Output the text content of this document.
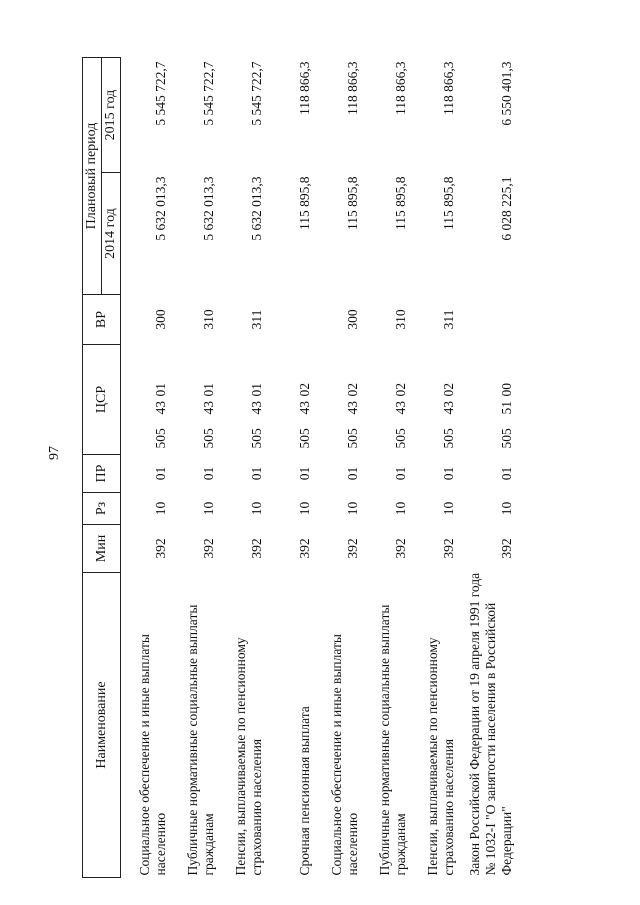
97
Наименование	Мин	Рз	ПР	ЦСР	ВР	Плановый период	
						2014 год	2015 год
Социальное обеспечение и иные выплаты населению	392	10	01	5054301	300	5 632 013,3	5 545 722,7
Публичные нормативные социальные выплаты гражданам	392	10	01	5054301	310	5 632 013,3	5 545 722,7
Пенсии, выплачиваемые по пенсионному страхованию населения	392	10	01	5054301	311	5 632 013,3	5 545 722,7
Срочная пенсионная выплата	392	10	01	5054302		115 895,8	118 866,3
Социальное обеспечение и иные выплаты населению	392	10	01	5054302	300	115 895,8	118 866,3
Публичные нормативные социальные выплаты гражданам	392	10	01	5054302	310	115 895,8	118 866,3
Пенсии, выплачиваемые по пенсионному страхованию населения	392	10	01	5054302	311	115 895,8	118 866,3
Закон Российской Федерации от 19 апреля 1991 года № 1032-I "О занятости населения в Российской Федерации"	392	10	01	5055100		6 028 225,1	6 550 401,3
